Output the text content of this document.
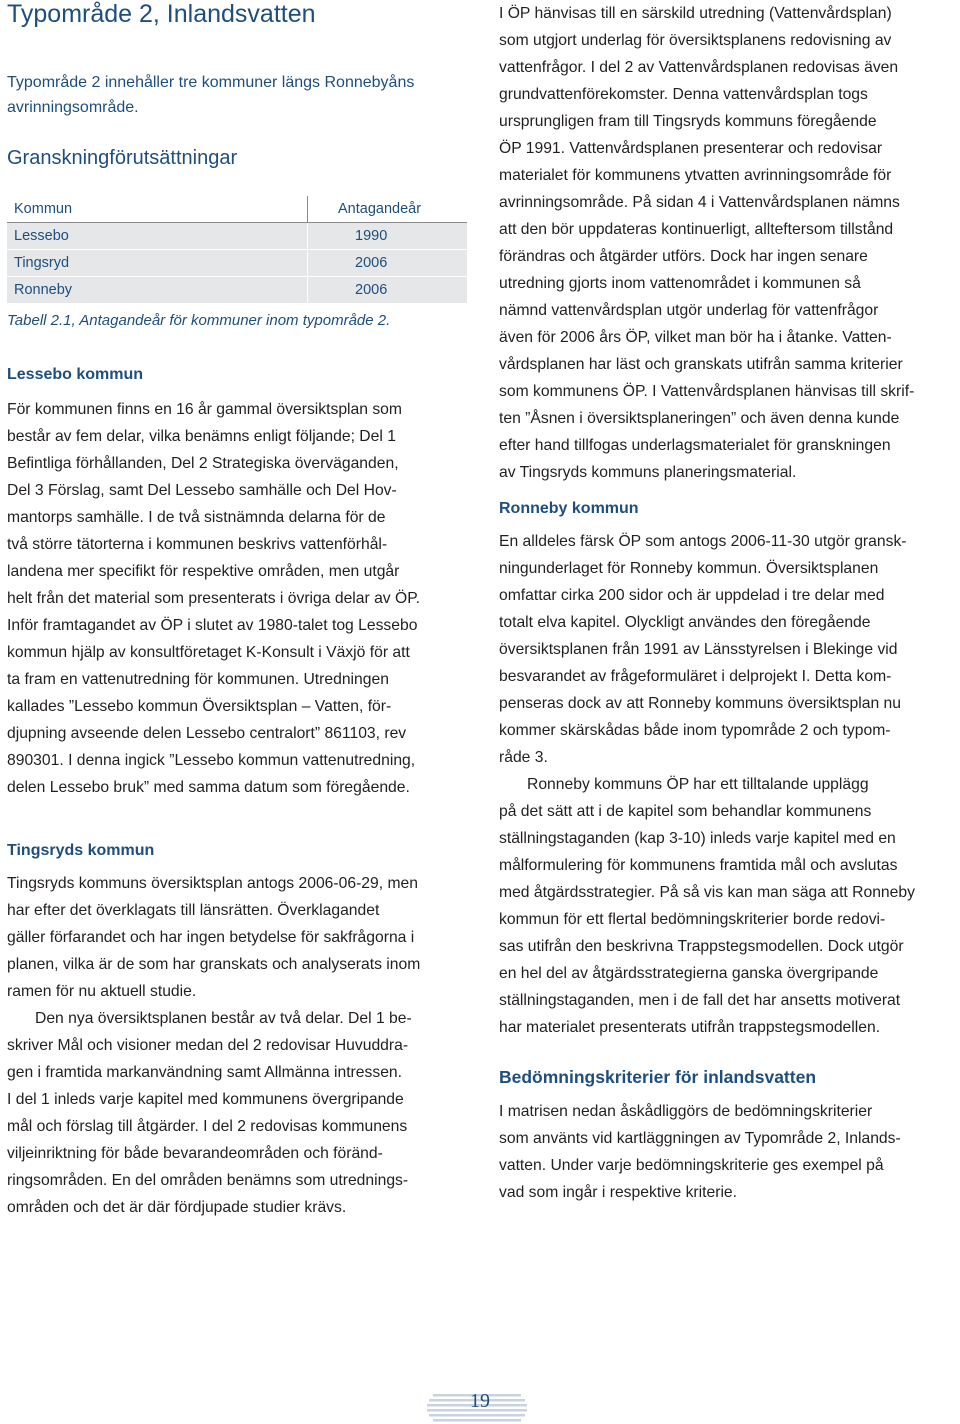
Typområde 2, Inlandsvatten

Typområde 2 innehåller tre kommuner längs Ronnebyåns avrinningsområde.

Granskningförutsättningar
Kommun	Antagandeår
Lessebo	1990
Tingsryd	2006
Ronneby	2006

Tabell 2.1, Antagandeår för kommuner inom typområde 2.

Lessebo kommun

För kommunen finns en 16 år gammal översiktsplan som

består av fem delar, vilka benämns enligt följande; Del 1

Befintliga förhållanden, Del 2 Strategiska överväganden,

Del 3 Förslag, samt Del Lessebo samhälle och Del Hov-

mantorps samhälle. I de två sistnämnda delarna för de

två större tätorterna i kommunen beskrivs vattenförhål-

landena mer specifikt för respektive områden, men utgår

helt från det material som presenterats i övriga delar av ÖP.

Inför framtagandet av ÖP i slutet av 1980-talet tog Lessebo

kommun hjälp av konsultföretaget K-Konsult i Växjö för att

ta fram en vattenutredning för kommunen. Utredningen

kallades ”Lessebo kommun Översiktsplan – Vatten, för-

djupning avseende delen Lessebo centralort” 861103, rev

890301. I denna ingick ”Lessebo kommun vattenutredning,

delen Lessebo bruk” med samma datum som föregående.

Tingsryds kommun

Tingsryds kommuns översiktsplan antogs 2006-06-29, men

har efter det överklagats till länsrätten. Överklagandet

gäller förfarandet och har ingen betydelse för sakfrågorna i

planen, vilka är de som har granskats och analyserats inom

ramen för nu aktuell studie.

Den nya översiktsplanen består av två delar. Del 1 be-

skriver Mål och visioner medan del 2 redovisar Huvuddra-

gen i framtida markanvändning samt Allmänna intressen.

I del 1 inleds varje kapitel med kommunens övergripande

mål och förslag till åtgärder. I del 2 redovisas kommunens

viljeinriktning för både bevarandeområden och föränd-

ringsområden. En del områden benämns som utrednings-

områden och det är där fördjupade studier krävs.

I ÖP hänvisas till en särskild utredning (Vattenvårdsplan)

som utgjort underlag för översiktsplanens redovisning av

vattenfrågor. I del 2 av Vattenvårdsplanen redovisas även

grundvattenförekomster. Denna vattenvårdsplan togs

ursprungligen fram till Tingsryds kommuns föregående

ÖP 1991. Vattenvårdsplanen presenterar och redovisar

materialet för kommunens ytvatten avrinningsområde för

avrinningsområde. På sidan 4 i Vattenvårdsplanen nämns

att den bör uppdateras kontinuerligt, allteftersom tillstånd

förändras och åtgärder utförs. Dock har ingen senare

utredning gjorts inom vattenområdet i kommunen så

nämnd vattenvårdsplan utgör underlag för vattenfrågor

även för 2006 års ÖP, vilket man bör ha i åtanke. Vatten-

vårdsplanen har läst och granskats utifrån samma kriterier

som kommunens ÖP. I Vattenvårdsplanen hänvisas till skrif-

ten ”Åsnen i översiktsplaneringen” och även denna kunde

efter hand tillfogas underlagsmaterialet för granskningen

av Tingsryds kommuns planeringsmaterial.

Ronneby kommun

En alldeles färsk ÖP som antogs 2006-11-30 utgör gransk-

ningunderlaget för Ronneby kommun. Översiktsplanen

omfattar cirka 200 sidor och är uppdelad i tre delar med

totalt elva kapitel. Olyckligt användes den föregående

översiktsplanen från 1991 av Länsstyrelsen i Blekinge vid

besvarandet av frågeformuläret i delprojekt I. Detta kom-

penseras dock av att Ronneby kommuns översiktsplan nu

kommer skärskådas både inom typområde 2 och typom-

råde 3.

Ronneby kommuns ÖP har ett tilltalande upplägg

på det sätt att i de kapitel som behandlar kommunens

ställningstaganden (kap 3-10) inleds varje kapitel med en

målformulering för kommunens framtida mål och avslutas

med åtgärdsstrategier. På så vis kan man säga att Ronneby

kommun för ett flertal bedömningskriterier borde redovi-

sas utifrån den beskrivna Trappstegsmodellen. Dock utgör

en hel del av åtgärdsstrategierna ganska övergripande

ställningstaganden, men i de fall det har ansetts motiverat

har materialet presenterats utifrån trappstegsmodellen.

Bedömningskriterier för inlandsvatten

I matrisen nedan åskådliggörs de bedömningskriterier

som använts vid kartläggningen av Typområde 2, Inlands-

vatten. Under varje bedömningskriterie ges exempel på

vad som ingår i respektive kriterie.

19
